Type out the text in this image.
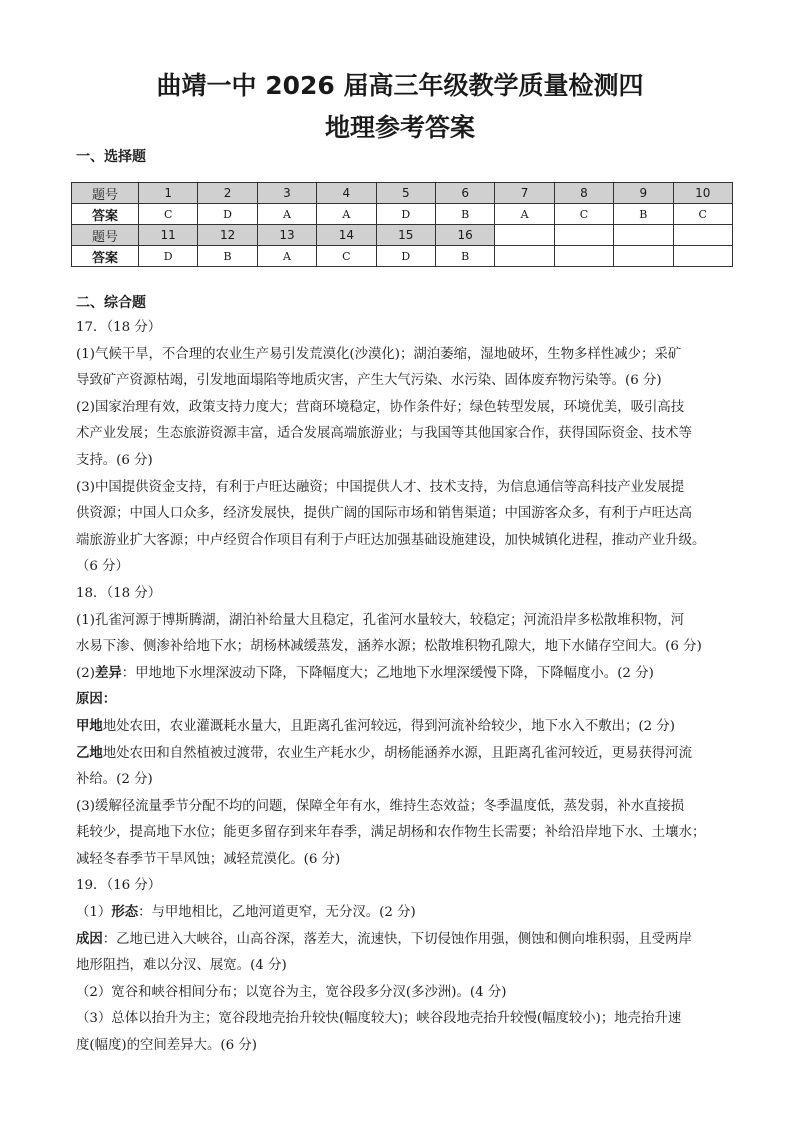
曲靖一中 2026 届高三年级教学质量检测四
地理参考答案
一、选择题
题号	1	2	3	4	5	6	7	8	9	10
答案	C	D	A	A	D	B	A	C	B	C
题号	11	12	13	14	15	16				
答案	D	B	A	C	D	B				
二、综合题

17．（18 分）

(1)气候干旱，不合理的农业生产易引发荒漠化(沙漠化)；湖泊萎缩，湿地破坏，生物多样性减少；采矿

导致矿产资源枯竭，引发地面塌陷等地质灾害，产生大气污染、水污染、固体废弃物污染等。(6 分)

(2)国家治理有效，政策支持力度大；营商环境稳定，协作条件好；绿色转型发展，环境优美，吸引高技

术产业发展；生态旅游资源丰富，适合发展高端旅游业；与我国等其他国家合作，获得国际资金、技术等

支持。(6 分)

(3)中国提供资金支持，有利于卢旺达融资；中国提供人才、技术支持，为信息通信等高科技产业发展提

供资源；中国人口众多，经济发展快，提供广阔的国际市场和销售渠道；中国游客众多，有利于卢旺达高

端旅游业扩大客源；中卢经贸合作项目有利于卢旺达加强基础设施建设，加快城镇化进程，推动产业升级。

（6 分）

18．（18 分）

(1)孔雀河源于博斯腾湖，湖泊补给量大且稳定，孔雀河水量较大，较稳定；河流沿岸多松散堆积物，河

水易下渗、侧渗补给地下水；胡杨林减缓蒸发，涵养水源；松散堆积物孔隙大，地下水储存空间大。(6 分)

(2)差异：甲地地下水埋深波动下降，下降幅度大；乙地地下水埋深缓慢下降，下降幅度小。(2 分)

原因：

甲地地处农田，农业灌溉耗水量大，且距离孔雀河较远，得到河流补给较少，地下水入不敷出；(2 分)

乙地地处农田和自然植被过渡带，农业生产耗水少，胡杨能涵养水源，且距离孔雀河较近，更易获得河流

补给。(2 分)

(3)缓解径流量季节分配不均的问题，保障全年有水，维持生态效益；冬季温度低，蒸发弱，补水直接损

耗较少，提高地下水位；能更多留存到来年春季，满足胡杨和农作物生长需要；补给沿岸地下水、土壤水；

减轻冬春季节干旱风蚀；减轻荒漠化。(6 分)

19．（16 分）

（1）形态：与甲地相比，乙地河道更窄，无分汊。(2 分)

成因：乙地已进入大峡谷，山高谷深，落差大，流速快，下切侵蚀作用强，侧蚀和侧向堆积弱，且受两岸

地形阻挡，难以分汊、展宽。(4 分)

（2）宽谷和峡谷相间分布；以宽谷为主，宽谷段多分汊(多沙洲)。(4 分)

（3）总体以抬升为主；宽谷段地壳抬升较快(幅度较大)；峡谷段地壳抬升较慢(幅度较小)；地壳抬升速

度(幅度)的空间差异大。(6 分)
